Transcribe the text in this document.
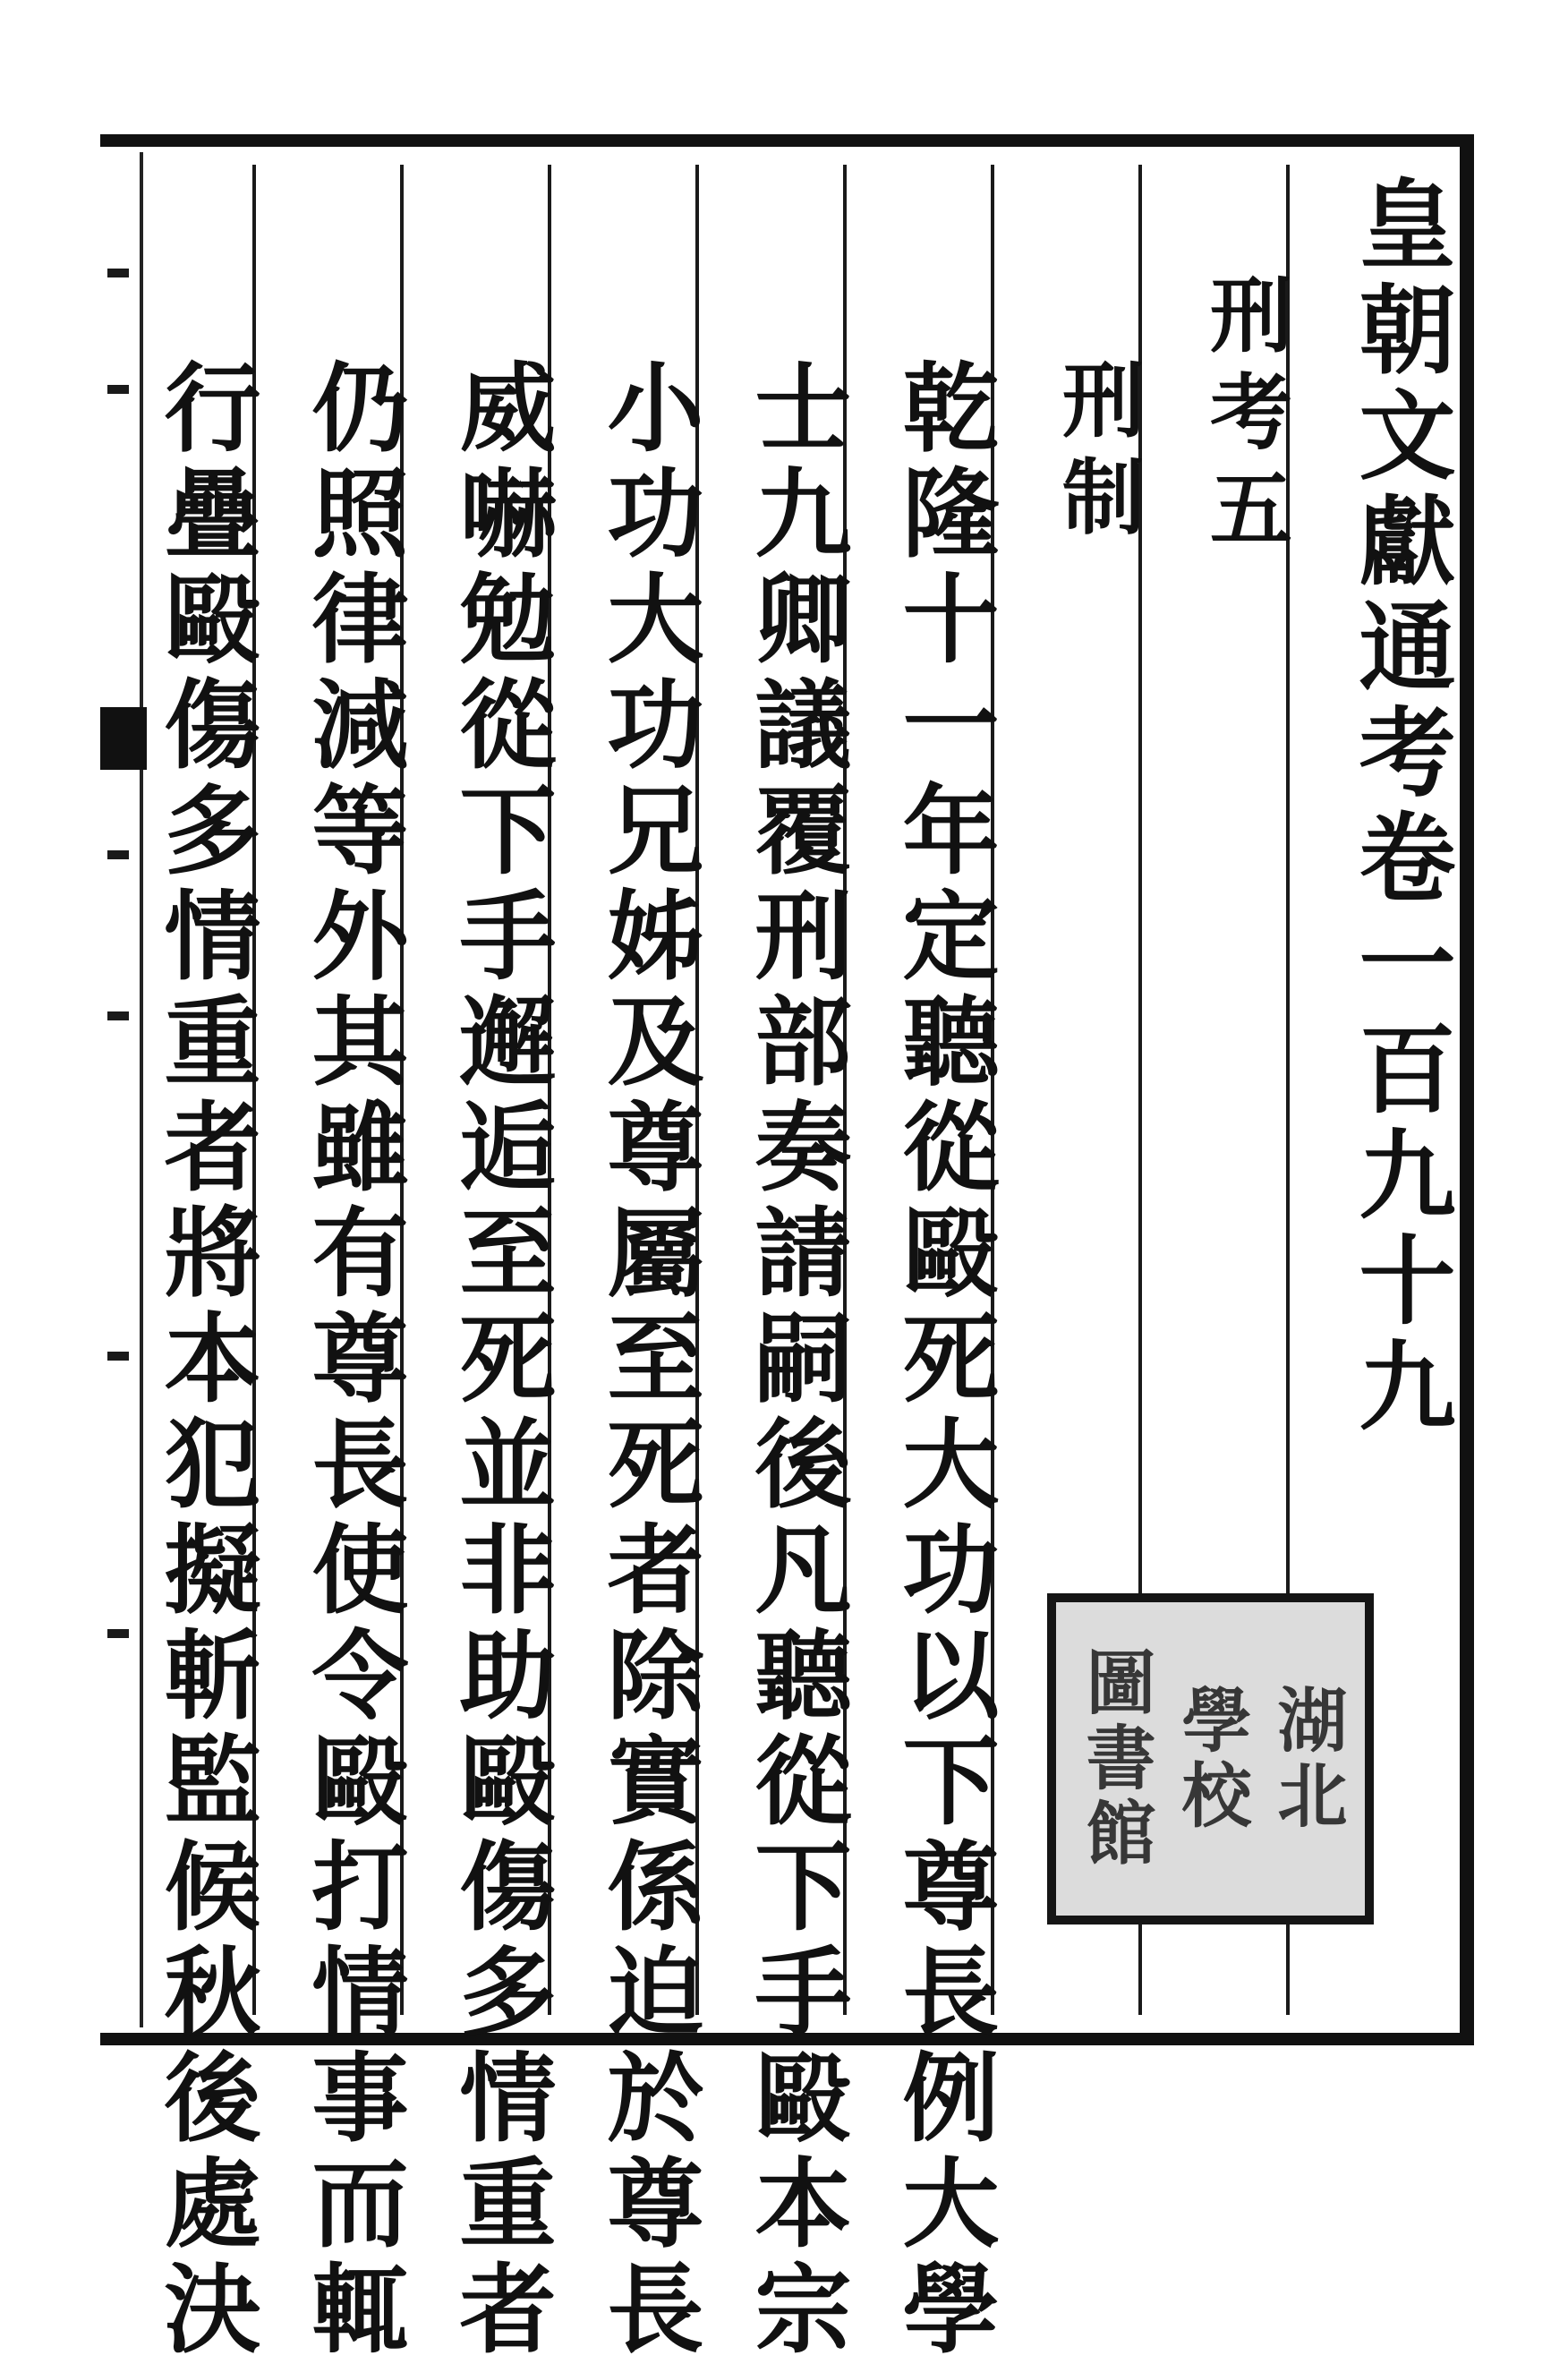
皇朝文獻通考卷一百九十九
刑考五
刑制
乾隆十一年定聽從毆死大功以下尊長例大學
士九卿議覆刑部奏請嗣後凡聽從下手毆本宗
小功大功兄姊及尊屬至死者除實係迫於尊長
威嚇勉從下手邂逅至死並非助毆傷多情重者
仍照律減等外其雖有尊長使令毆打情事而輒
行疊毆傷多情重者將本犯擬斬監候秋後處決	湖北
學校
圖書館
